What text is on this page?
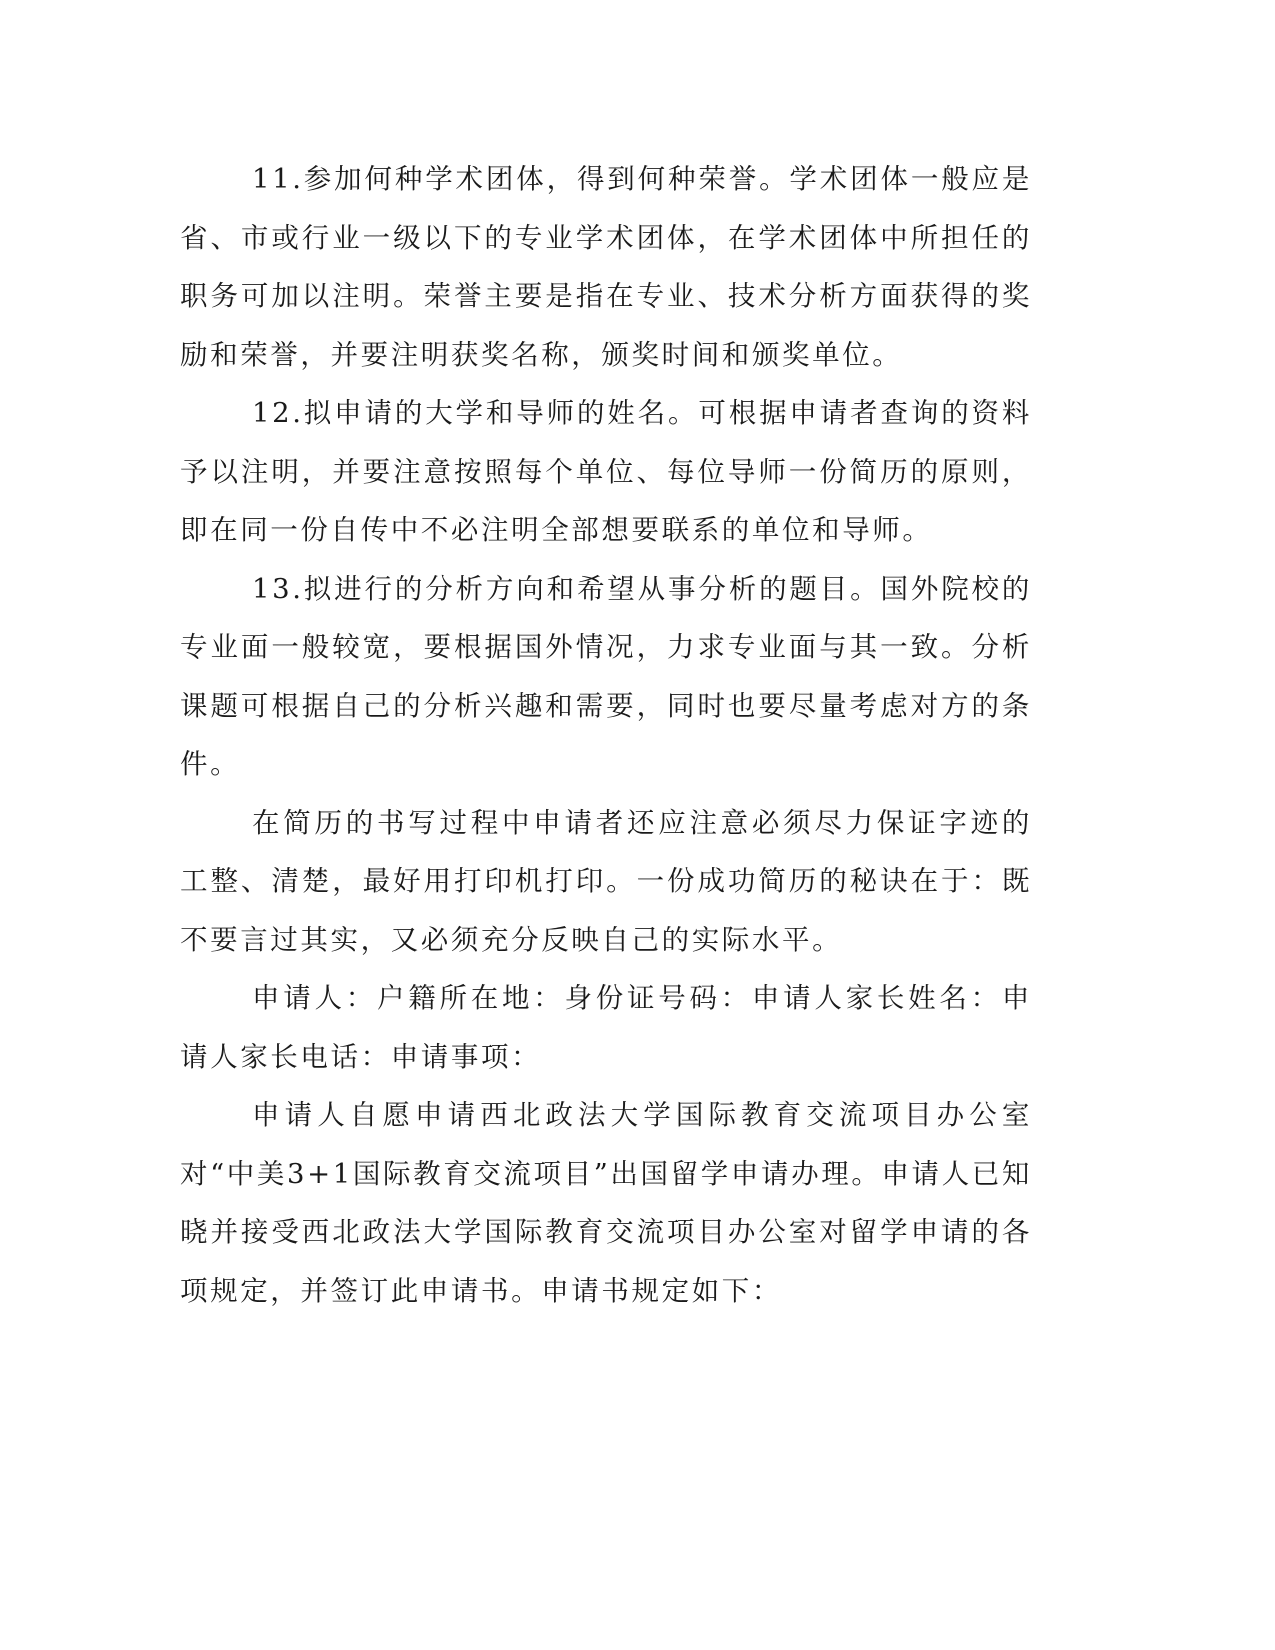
11.参加何种学术团体，得到何种荣誉。学术团体一般应是省、市或行业一级以下的专业学术团体，在学术团体中所担任的职务可加以注明。荣誉主要是指在专业、技术分析方面获得的奖励和荣誉，并要注明获奖名称，颁奖时间和颁奖单位。

12.拟申请的大学和导师的姓名。可根据申请者查询的资料予以注明，并要注意按照每个单位、每位导师一份简历的原则，即在同一份自传中不必注明全部想要联系的单位和导师。

13.拟进行的分析方向和希望从事分析的题目。国外院校的专业面一般较宽，要根据国外情况，力求专业面与其一致。分析课题可根据自己的分析兴趣和需要，同时也要尽量考虑对方的条件。

在简历的书写过程中申请者还应注意必须尽力保证字迹的工整、清楚，最好用打印机打印。一份成功简历的秘诀在于：既不要言过其实，又必须充分反映自己的实际水平。

申请人：户籍所在地：身份证号码：申请人家长姓名：申请人家长电话：申请事项：

申请人自愿申请西北政法大学国际教育交流项目办公室对“中美3+1国际教育交流项目”出国留学申请办理。申请人已知晓并接受西北政法大学国际教育交流项目办公室对留学申请的各项规定，并签订此申请书。申请书规定如下：
